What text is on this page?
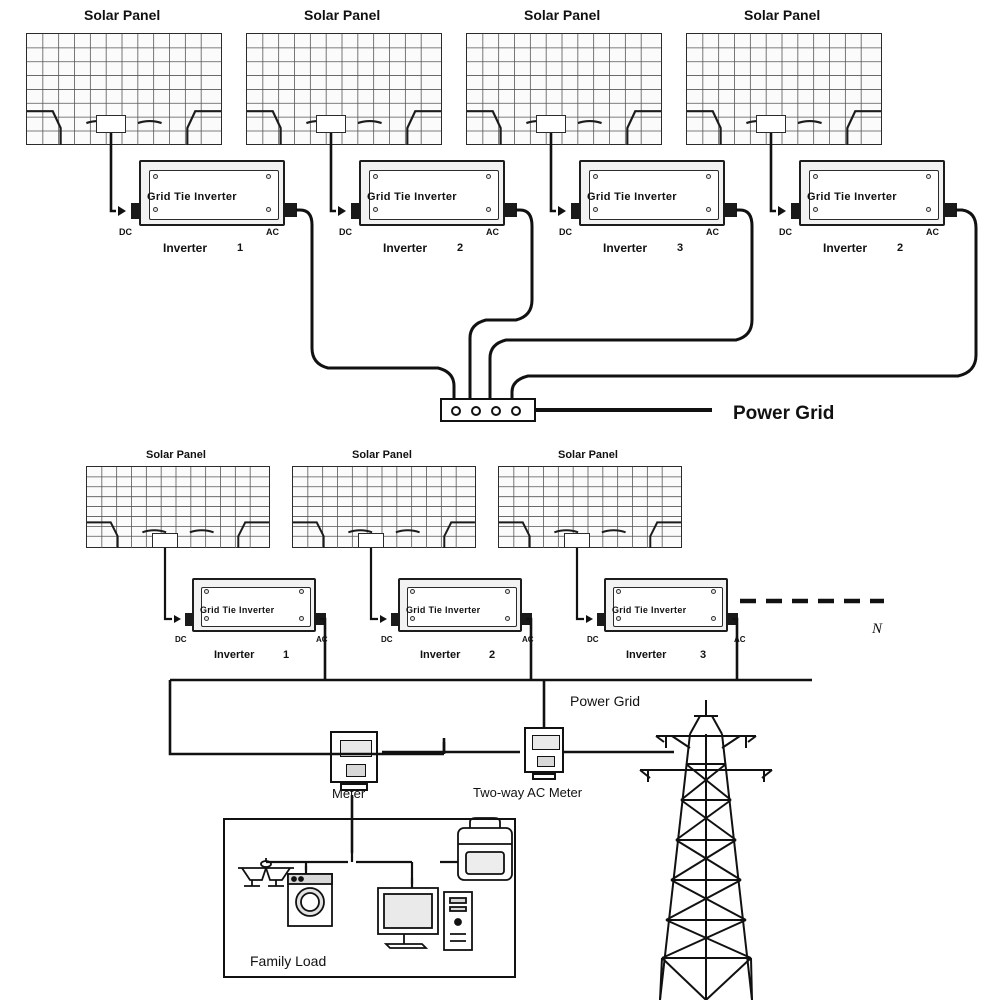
Solar Panel	Solar Panel	Solar Panel	Solar Panel
Grid Tie Inverter
DC	AC
Inverter	1
Grid Tie Inverter
DC	AC
Inverter	2
Grid Tie Inverter
DC	AC
Inverter	3
Grid Tie Inverter
DC	AC
Inverter	2
Power Grid
Solar Panel	Solar Panel	Solar Panel
Grid Tie Inverter
DC	AC
Inverter	1
Grid Tie Inverter
DC	AC
Inverter	2
Grid Tie Inverter
DC	AC
Inverter	3
N
Power Grid
Meter	Two-way AC Meter
Family Load
